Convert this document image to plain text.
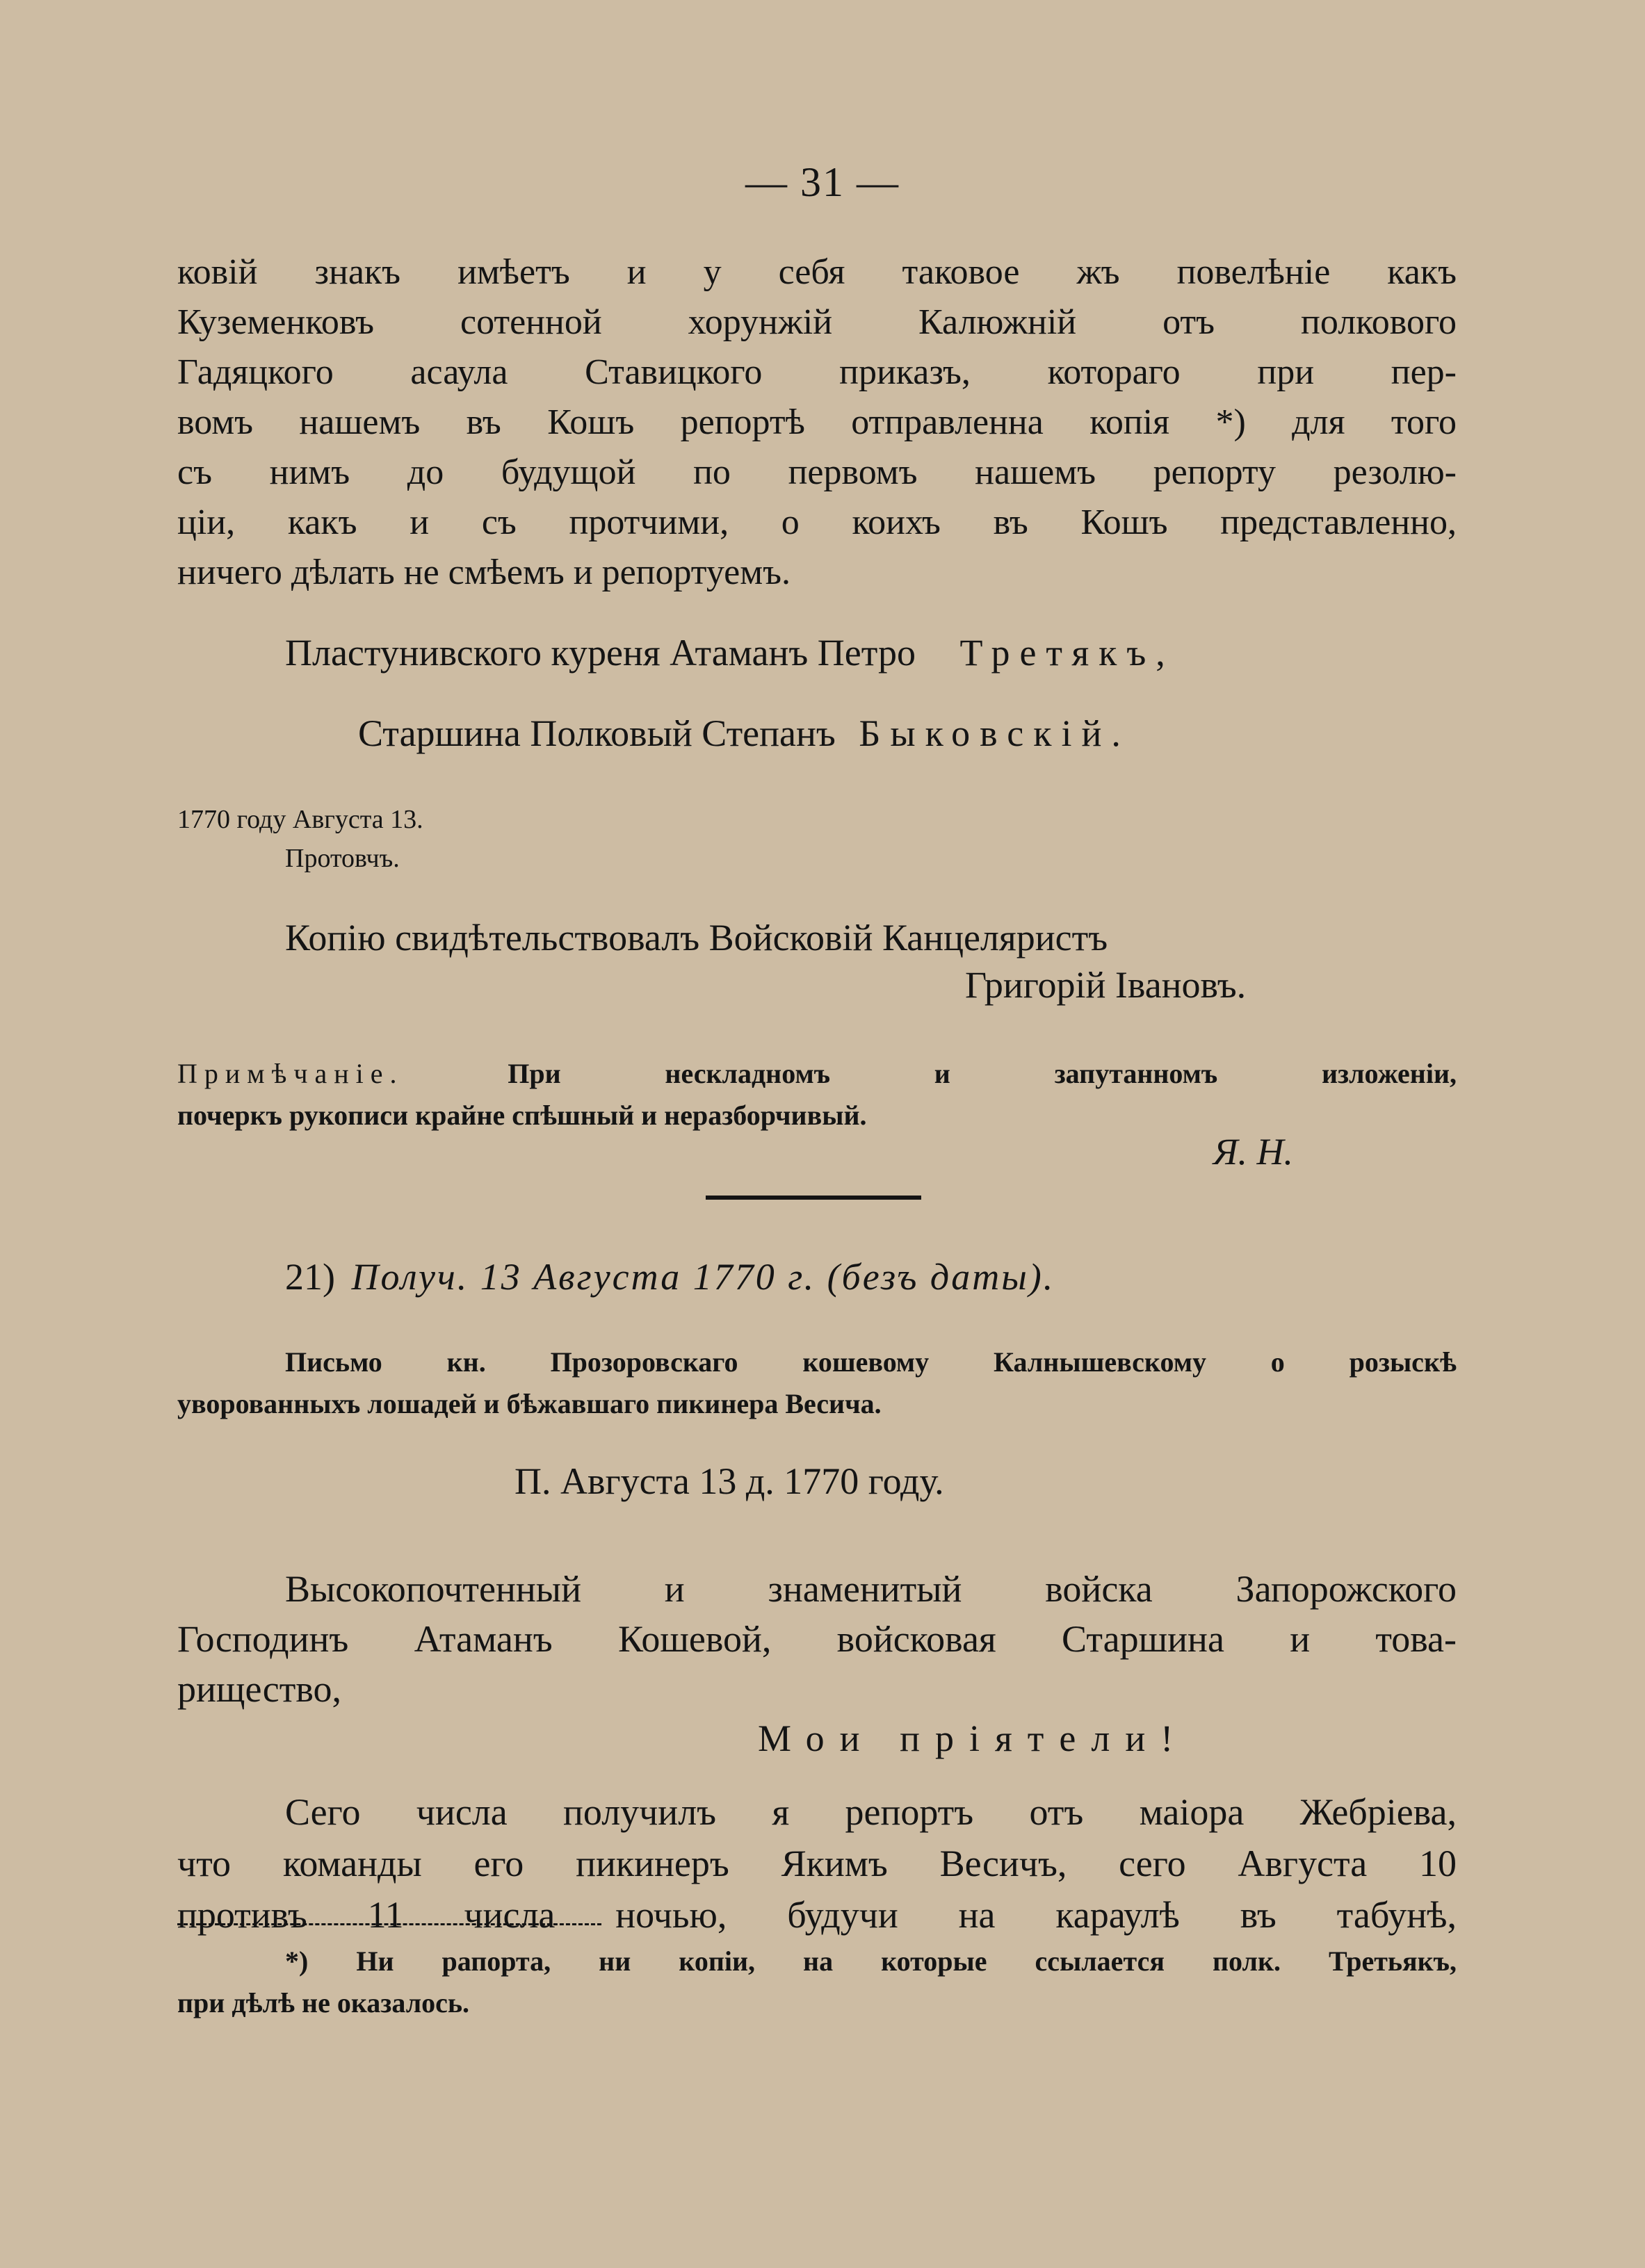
— 31 —
ковій знакъ имѣетъ и у себя таковое жъ повелѣніе какъ
Куземенковъ сотенной хорунжій Калюжній отъ полкового
Гадяцкого асаула Ставицкого приказъ, котораго при пер-
вомъ нашемъ въ Кошъ репортѣ отправленна копія *) для того
съ нимъ до будущой по первомъ нашемъ репорту резолю-
ціи, какъ и съ протчими, о коихъ въ Кошъ представленно,
ничего дѣлать не смѣемъ и репортуемъ.
Пластунивского куреня Атаманъ Петро Третякъ,
Старшина Полковый Степанъ Быковскій.
1770 году Августа 13.
Протовчъ.
Копію свидѣтельствовалъ Войсковій Канцеляристъ
Григорій Івановъ.
Примѣчаніе.	При нескладномъ и запутанномъ изложеніи,
почеркъ рукописи крайне спѣшный и неразборчивый.
Я. Н.
21) Получ. 13 Августа 1770 г. (безъ даты).
Письмо кн. Прозоровскаго кошевому Калнышевскому о розыскѣ
уворованныхъ лошадей и бѣжавшаго пикинера Весича.
П. Августа 13 д. 1770 году.
Высокопочтенный и знаменитый войска Запорожского
Господинъ Атаманъ Кошевой, войсковая Старшина и това-
рищество,
Мои пріятели!
Сего числа получилъ я репортъ отъ маіора Жебріева,
что команды его пикинеръ Якимъ Весичъ, сего Августа 10
противъ 11 числа ночью, будучи на караулѣ въ табунѣ,
*) Ни рапорта, ни копіи, на которые ссылается полк. Третьякъ,
при дѣлѣ не оказалось.
